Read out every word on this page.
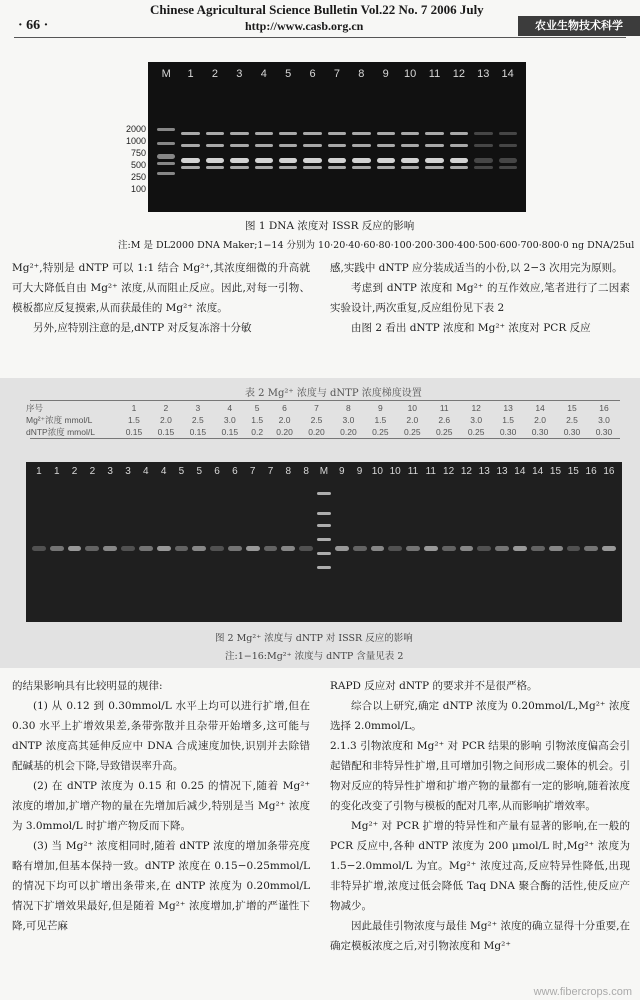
Chinese Agricultural Science Bulletin Vol.22 No. 7 2006 July
· 66 ·	http://www.casb.org.cn	农业生物技术科学
M	1	2	3	4	5	6	7	8	9	10	11	12	13	14
2000
1000
750
500
250
100
图 1 DNA 浓度对 ISSR 反应的影响
注:M 是 DL2000 DNA Maker;1−14 分别为 10·20·40·60·80·100·200·300·400·500·600·700·800·0 ng DNA/25ul

Mg²⁺,特别是 dNTP 可以 1:1 结合 Mg²⁺,其浓度细微的升高就可大大降低自由 Mg²⁺ 浓度,从而阻止反应。因此,对每一引物、模板都应反复摸索,从而获最佳的 Mg²⁺ 浓度。

另外,应特别注意的是,dNTP 对反复冻溶十分敏

感,实践中 dNTP 应分装成适当的小份,以 2−3 次用完为原则。

考虑到 dNTP 浓度和 Mg²⁺ 的互作效应,笔者进行了二因素实验设计,两次重复,反应组份见下表 2

由图 2 看出 dNTP 浓度和 Mg²⁺ 浓度对 PCR 反应

表 2 Mg²⁺ 浓度与 dNTP 浓度梯度设置
序号	1	2	3	4	5	6	7	8	9	10	11	12	13	14	15	16
Mg²⁺浓度 mmol/L	1.5	2.0	2.5	3.0	1.5	2.0	2.5	3.0	1.5	2.0	2.6	3.0	1.5	2.0	2.5	3.0
dNTP浓度 mmol/L	0.15	0.15	0.15	0.15	0.2	0.20	0.20	0.20	0.25	0.25	0.25	0.25	0.30	0.30	0.30	0.30
1	1	2	2	3	3	4	4	5	5	6	6	7	7	8	8	M	9	9 10 10 11 11 12 12 13 13 14 14 15 15 16 16
图 2 Mg²⁺ 浓度与 dNTP 对 ISSR 反应的影响
注:1−16:Mg²⁺ 浓度与 dNTP 含量见表 2

的结果影响具有比较明显的规律:

(1) 从 0.12 到 0.30mmol/L 水平上均可以进行扩增,但在 0.30 水平上扩增效果差,条带弥散并且杂带开始增多,这可能与 dNTP 浓度高其延伸反应中 DNA 合成速度加快,识别并去除错配碱基的机会下降,导致错误率升高。

(2) 在 dNTP 浓度为 0.15 和 0.25 的情况下,随着 Mg²⁺ 浓度的增加,扩增产物的量在先增加后减少,特别是当 Mg²⁺ 浓度为 3.0mmol/L 时扩增产物反而下降。

(3) 当 Mg²⁺ 浓度相同时,随着 dNTP 浓度的增加条带亮度略有增加,但基本保持一致。dNTP 浓度在 0.15−0.25mmol/L 的情况下均可以扩增出条带来,在 dNTP 浓度为 0.20mmol/L 情况下扩增效果最好,但是随着 Mg²⁺ 浓度增加,扩增的严谨性下降,可见芒麻

RAPD 反应对 dNTP 的要求并不是很严格。

综合以上研究,确定 dNTP 浓度为 0.20mmol/L,Mg²⁺ 浓度选择 2.0mmol/L。

2.1.3 引物浓度和 Mg²⁺ 对 PCR 结果的影响 引物浓度偏高会引起错配和非特异性扩增,且可增加引物之间形成二聚体的机会。引物对反应的特异性扩增和扩增产物的量都有一定的影响,随着浓度的变化改变了引物与模板的配对几率,从而影响扩增效率。

Mg²⁺ 对 PCR 扩增的特异性和产量有显著的影响,在一般的 PCR 反应中,各种 dNTP 浓度为 200 μmol/L 时,Mg²⁺ 浓度为 1.5−2.0mmol/L 为宜。Mg²⁺ 浓度过高,反应特异性降低,出现非特异扩增,浓度过低会降低 Taq DNA 聚合酶的活性,使反应产物减少。

因此最佳引物浓度与最佳 Mg²⁺ 浓度的确立显得十分重要,在确定模板浓度之后,对引物浓度和 Mg²⁺

www.fibercrops.com
